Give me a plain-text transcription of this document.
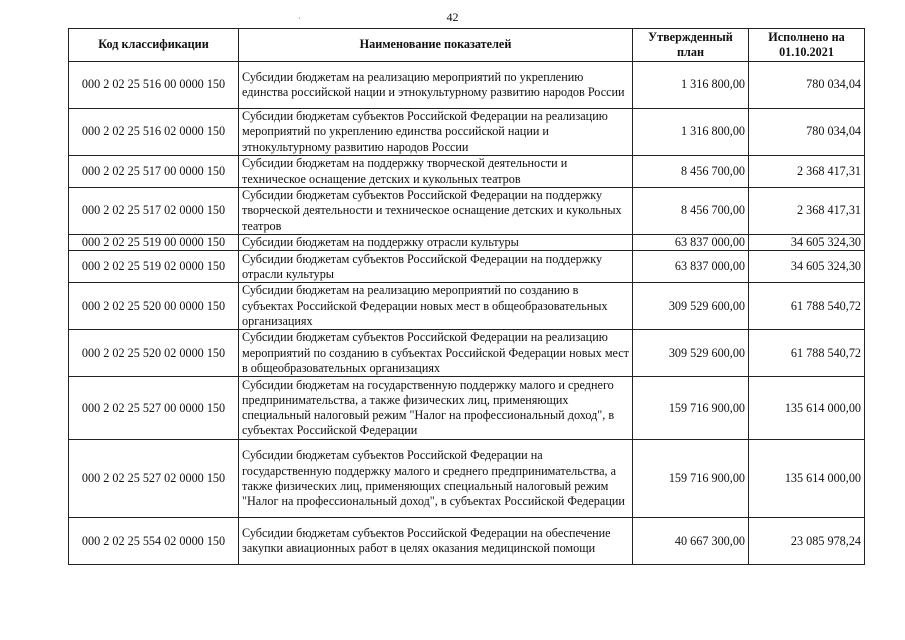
42
Код классификации	Наименование показателей	Утвержденный план	Исполнено на 01.10.2021
000 2 02 25 516 00 0000 150	Субсидии бюджетам на реализацию мероприятий по укреплению единства российской нации и этнокультурному развитию народов России	1 316 800,00	780 034,04
000 2 02 25 516 02 0000 150	Субсидии бюджетам субъектов Российской Федерации на реализацию мероприятий по укреплению единства российской нации и этнокультурному развитию народов России	1 316 800,00	780 034,04
000 2 02 25 517 00 0000 150	Субсидии бюджетам на поддержку творческой деятельности и техническое оснащение детских и кукольных театров	8 456 700,00	2 368 417,31
000 2 02 25 517 02 0000 150	Субсидии бюджетам субъектов Российской Федерации на поддержку творческой деятельности и техническое оснащение детских и кукольных театров	8 456 700,00	2 368 417,31
000 2 02 25 519 00 0000 150	Субсидии бюджетам на поддержку отрасли культуры	63 837 000,00	34 605 324,30
000 2 02 25 519 02 0000 150	Субсидии бюджетам субъектов Российской Федерации на поддержку отрасли культуры	63 837 000,00	34 605 324,30
000 2 02 25 520 00 0000 150	Субсидии бюджетам на реализацию мероприятий по созданию в субъектах Российской Федерации новых мест в общеобразовательных организациях	309 529 600,00	61 788 540,72
000 2 02 25 520 02 0000 150	Субсидии бюджетам субъектов Российской Федерации на реализацию мероприятий по созданию в субъектах Российской Федерации новых мест в общеобразовательных организациях	309 529 600,00	61 788 540,72
000 2 02 25 527 00 0000 150	Субсидии бюджетам на государственную поддержку малого и среднего предпринимательства, а также физических лиц, применяющих специальный налоговый режим "Налог на профессиональный доход", в субъектах Российской Федерации	159 716 900,00	135 614 000,00
000 2 02 25 527 02 0000 150	Субсидии бюджетам субъектов Российской Федерации на государственную поддержку малого и среднего предпринимательства, а также физических лиц, применяющих специальный налоговый режим "Налог на профессиональный доход", в субъектах Российской Федерации	159 716 900,00	135 614 000,00
000 2 02 25 554 02 0000 150	Субсидии бюджетам субъектов Российской Федерации на обеспечение закупки авиационных работ в целях оказания медицинской помощи	40 667 300,00	23 085 978,24
·
